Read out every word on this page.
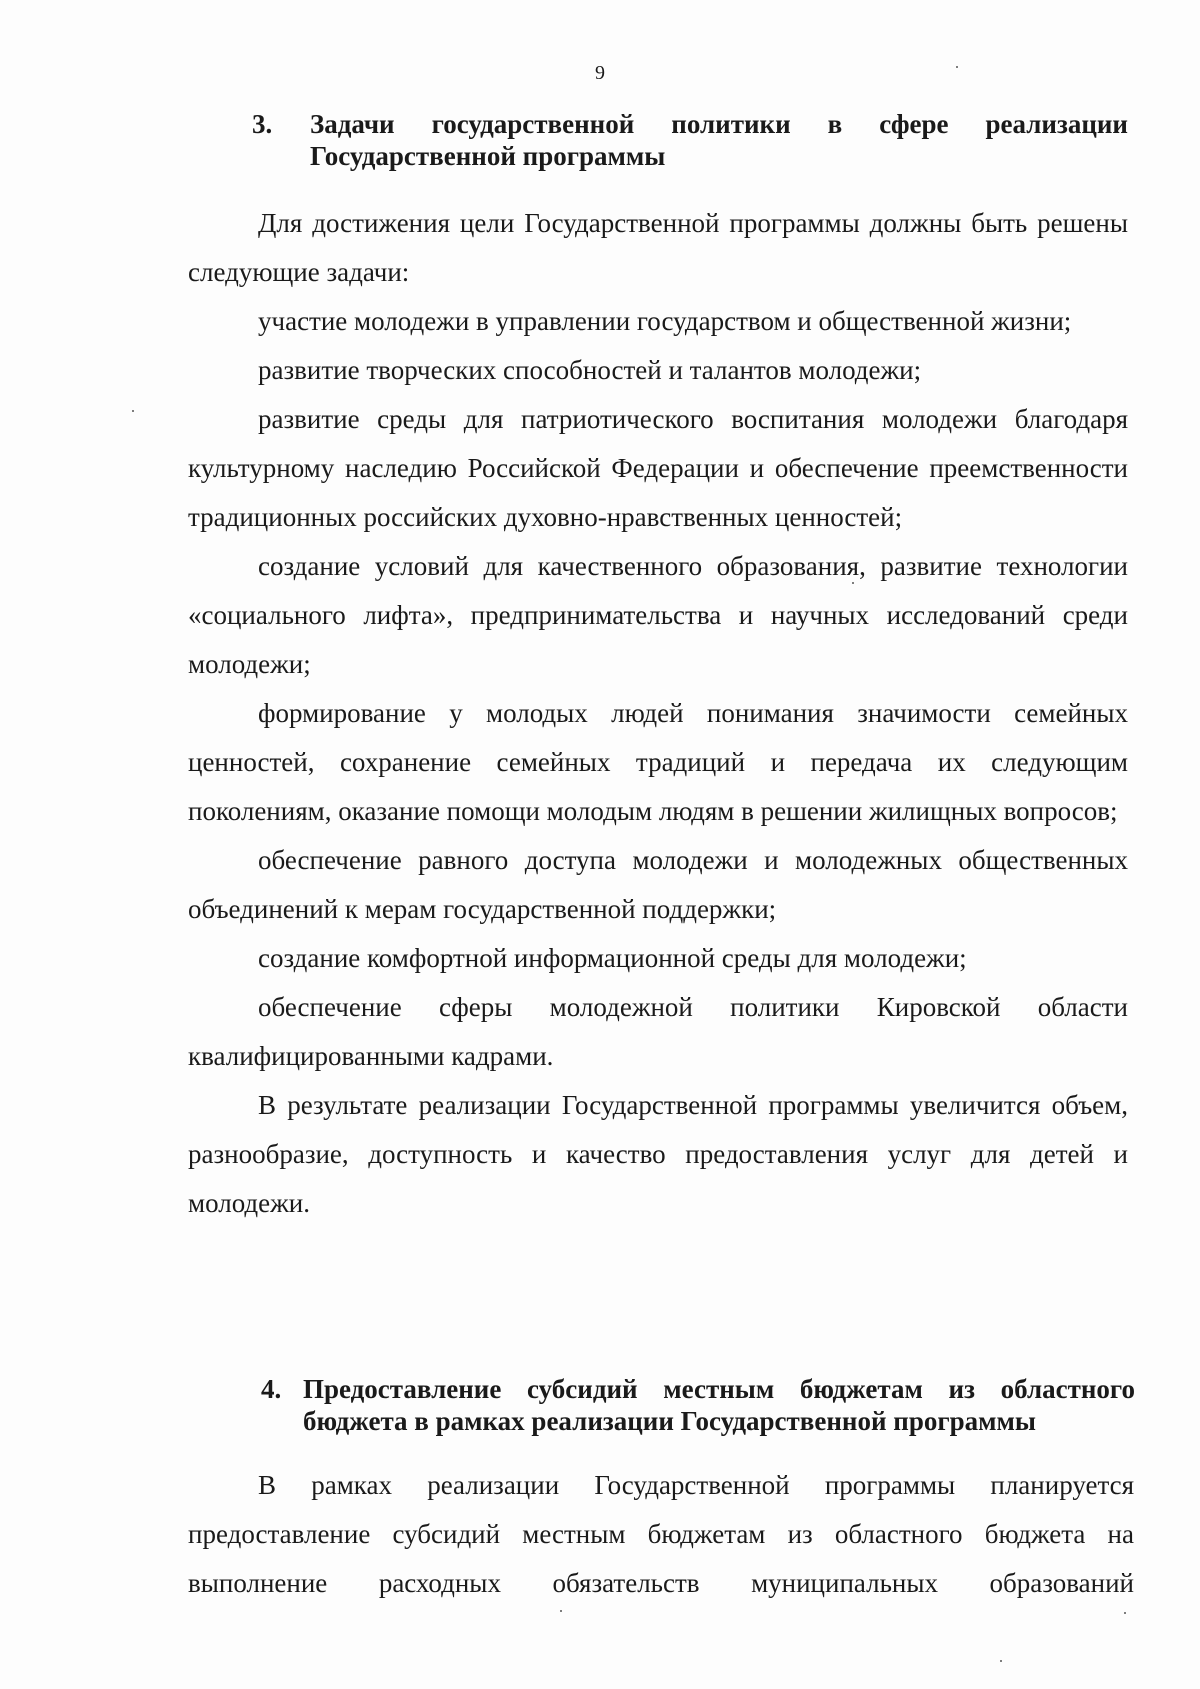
9
3. Задачи государственной политики в сфере реализации
Государственной программы

Для достижения цели Государственной программы должны быть решены следующие задачи:

участие молодежи в управлении государством и общественной жизни;

развитие творческих способностей и талантов молодежи;

развитие среды для патриотического воспитания молодежи благодаря культурному наследию Российской Федерации и обеспечение преемственности традиционных российских духовно-нравственных ценностей;

создание условий для качественного образования, развитие технологии «социального лифта», предпринимательства и научных исследований среди молодежи;

формирование у молодых людей понимания значимости семейных ценностей, сохранение семейных традиций и передача их следующим поколениям, оказание помощи молодым людям в решении жилищных вопросов;

обеспечение равного доступа молодежи и молодежных общественных объединений к мерам государственной поддержки;

создание комфортной информационной среды для молодежи;

обеспечение сферы молодежной политики Кировской области квалифицированными кадрами.

В результате реализации Государственной программы увеличится объем, разнообразие, доступность и качество предоставления услуг для детей и молодежи.

4. Предоставление субсидий местным бюджетам из областного
бюджета в рамках реализации Государственной программы

В рамках реализации Государственной программы планируется предоставление субсидий местным бюджетам из областного бюджета на выполнение расходных обязательств муниципальных образований
